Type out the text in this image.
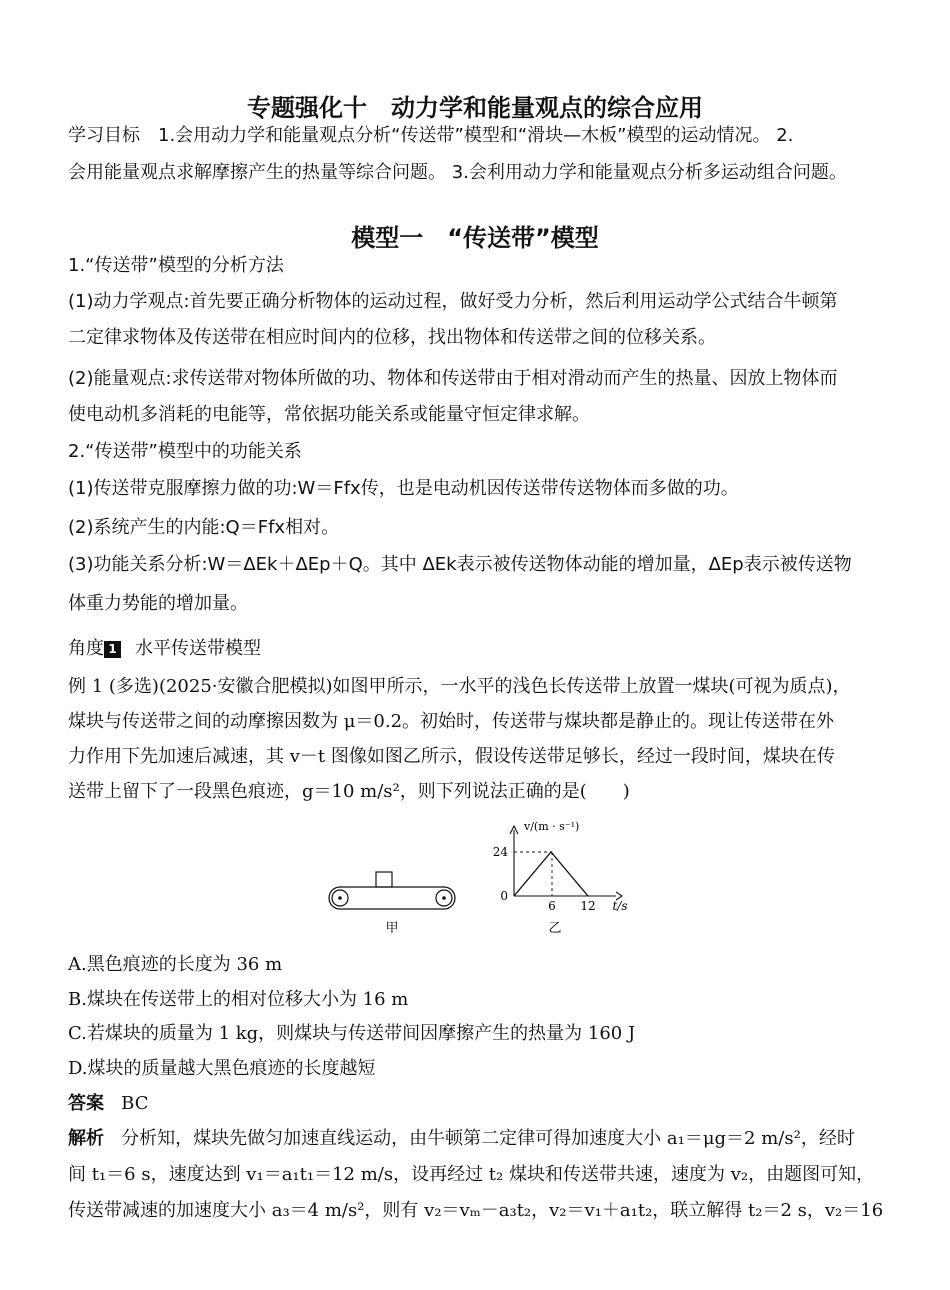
专题强化十　动力学和能量观点的综合应用
学习目标　1.会用动力学和能量观点分析“传送带”模型和“滑块—木板”模型的运动情况。 2.
会用能量观点求解摩擦产生的热量等综合问题。 3.会利用动力学和能量观点分析多运动组合问题。
模型一　“传送带”模型
1.“传送带”模型的分析方法
(1)动力学观点:首先要正确分析物体的运动过程，做好受力分析，然后利用运动学公式结合牛顿第
二定律求物体及传送带在相应时间内的位移，找出物体和传送带之间的位移关系。
(2)能量观点:求传送带对物体所做的功、物体和传送带由于相对滑动而产生的热量、因放上物体而
使电动机多消耗的电能等，常依据功能关系或能量守恒定律求解。
2.“传送带”模型中的功能关系
(1)传送带克服摩擦力做的功:W＝Ffx传，也是电动机因传送带传送物体而多做的功。
(2)系统产生的内能:Q＝Ffx相对。
(3)功能关系分析:W＝ΔEk＋ΔEp＋Q。其中 ΔEk表示被传送物体动能的增加量，ΔEp表示被传送物
体重力势能的增加量。
角度 1 水平传送带模型
例 1 (多选)(2025·安徽合肥模拟)如图甲所示，一水平的浅色长传送带上放置一煤块(可视为质点)，
煤块与传送带之间的动摩擦因数为 μ＝0.2。初始时，传送带与煤块都是静止的。现让传送带在外
力作用下先加速后减速，其 v－t 图像如图乙所示，假设传送带足够长，经过一段时间，煤块在传
送带上留下了一段黑色痕迹，g＝10 m/s²，则下列说法正确的是(　　)
甲
v/(m · s⁻¹)
24
0
6 12 t/s
乙
A.黑色痕迹的长度为 36 m
B.煤块在传送带上的相对位移大小为 16 m
C.若煤块的质量为 1 kg，则煤块与传送带间因摩擦产生的热量为 160 J
D.煤块的质量越大黑色痕迹的长度越短
答案 BC
解析 分析知，煤块先做匀加速直线运动，由牛顿第二定律可得加速度大小 a₁＝μg＝2 m/s²，经时
间 t₁＝6 s，速度达到 v₁＝a₁t₁＝12 m/s，设再经过 t₂ 煤块和传送带共速，速度为 v₂，由题图可知，
传送带减速的加速度大小 a₃＝4 m/s²，则有 v₂＝vₘ－a₃t₂，v₂＝v₁＋a₁t₂，联立解得 t₂＝2 s，v₂＝16
